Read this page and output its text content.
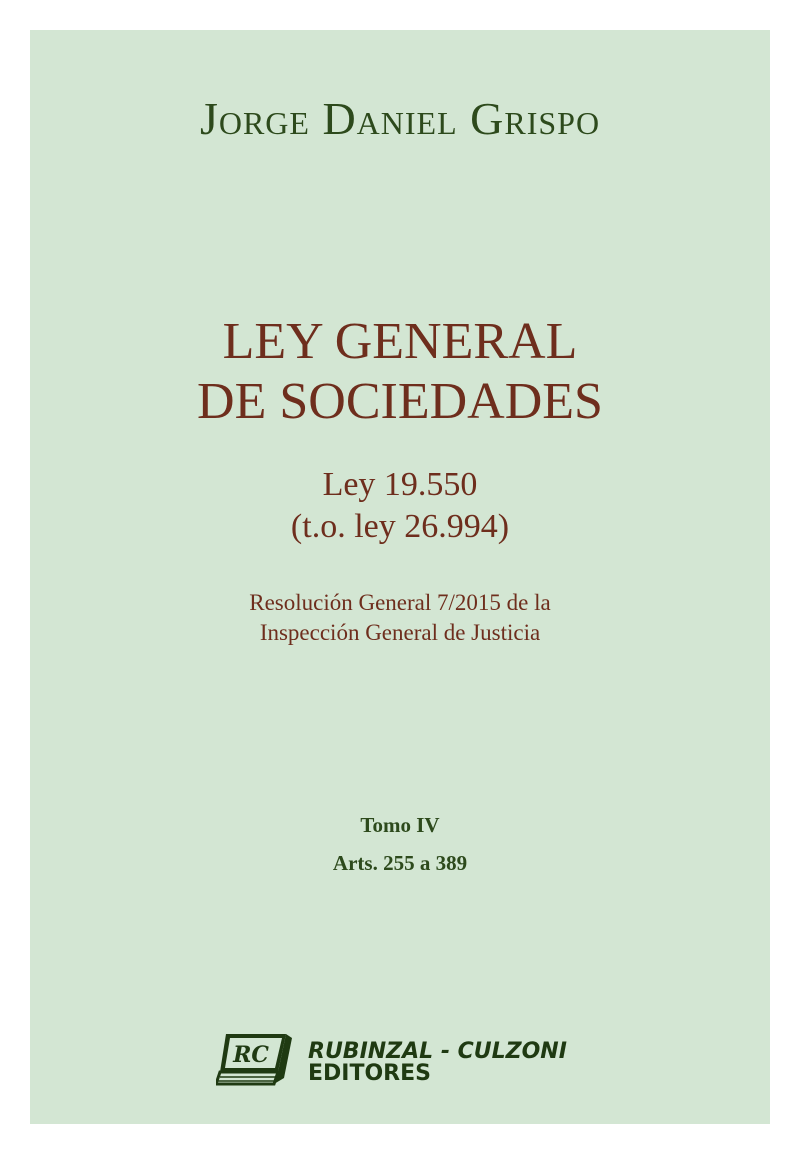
Jorge Daniel Grispo
LEY GENERAL
DE SOCIEDADES
Ley 19.550
(t.o. ley 26.994)
Resolución General 7/2015 de la
Inspección General de Justicia
Tomo IV
Arts. 255 a 389
RC RUBINZAL - CULZONI
EDITORES
